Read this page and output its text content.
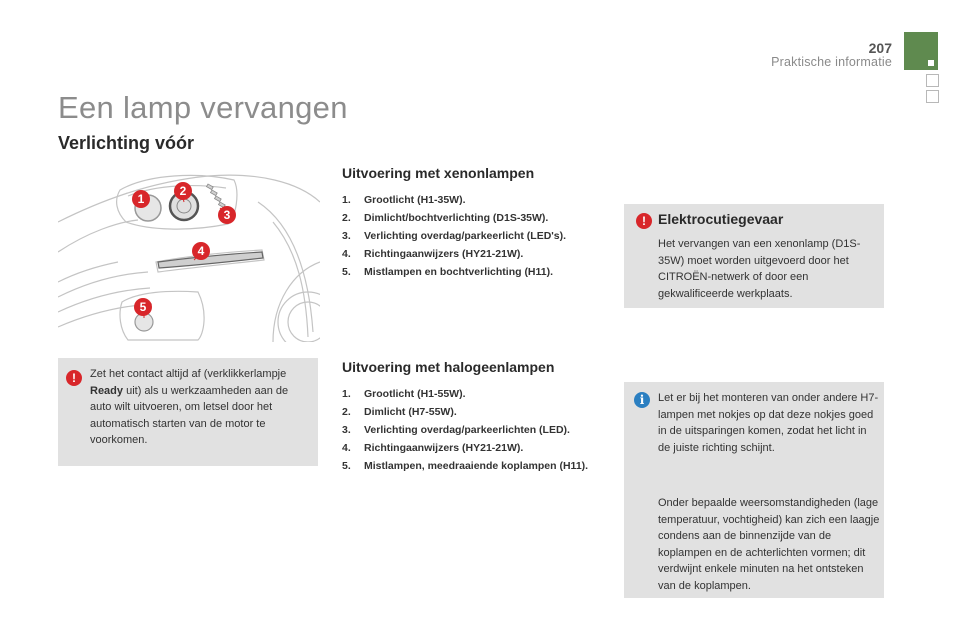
207
Praktische informatie
Een lamp vervangen
Verlichting vóór
1
2
3
4
5
!	Zet het contact altijd af (verklikkerlampje Ready uit) als u werkzaamheden aan de auto wilt uitvoeren, om letsel door het automatisch starten van de motor te voorkomen.
Uitvoering met xenonlampen
1. Grootlicht (H1-35W).
2. Dimlicht/bochtverlichting (D1S-35W).
3. Verlichting overdag/parkeerlicht (LED's).
4. Richtingaanwijzers (HY21-21W).
5. Mistlampen en bochtverlichting (H11).
Uitvoering met halogeenlampen
1. Grootlicht (H1-55W).
2. Dimlicht (H7-55W).
3. Verlichting overdag/parkeerlichten (LED).
4. Richtingaanwijzers (HY21-21W).
5. Mistlampen, meedraaiende koplampen (H11).
! Elektrocutiegevaar
Het vervangen van een xenonlamp (D1S-35W) moet worden uitgevoerd door het CITROËN-netwerk of door een gekwalificeerde werkplaats.
i	Let er bij het monteren van onder andere H7-lampen met nokjes op dat deze nokjes goed in de uitsparingen komen, zodat het licht in de juiste richting schijnt.
Onder bepaalde weersomstandigheden (lage temperatuur, vochtigheid) kan zich een laagje condens aan de binnenzijde van de koplampen en de achterlichten vormen; dit verdwijnt enkele minuten na het ontsteken van de koplampen.
